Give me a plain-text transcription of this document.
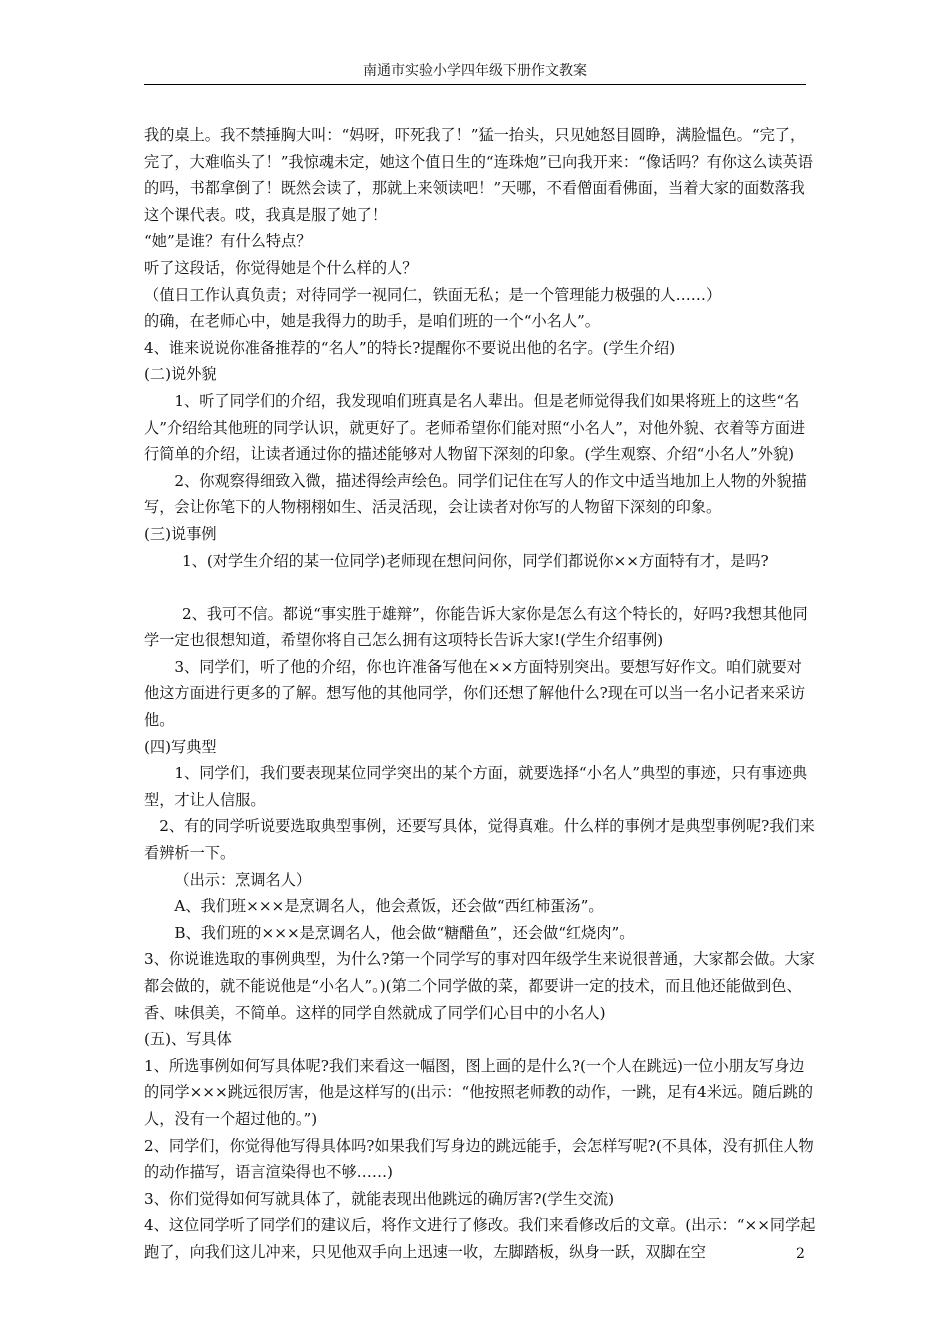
南通市实验小学四年级下册作文教案

我的桌上。我不禁捶胸大叫：“妈呀，吓死我了！”猛一抬头，只见她怒目圆睁，满脸愠色。“完了，完了，大难临头了！”我惊魂未定，她这个值日生的“连珠炮”已向我开来：“像话吗？有你这么读英语的吗，书都拿倒了！既然会读了，那就上来领读吧！”天哪，不看僧面看佛面，当着大家的面数落我这个课代表。哎，我真是服了她了！

“她”是谁？有什么特点？

听了这段话，你觉得她是个什么样的人？

（值日工作认真负责；对待同学一视同仁，铁面无私；是一个管理能力极强的人……）

的确，在老师心中，她是我得力的助手，是咱们班的一个“小名人”。

4、谁来说说你准备推荐的“名人”的特长?提醒你不要说出他的名字。(学生介绍)

(二)说外貌

1、听了同学们的介绍，我发现咱们班真是名人辈出。但是老师觉得我们如果将班上的这些“名人”介绍给其他班的同学认识，就更好了。老师希望你们能对照“小名人”，对他外貌、衣着等方面进行简单的介绍，让读者通过你的描述能够对人物留下深刻的印象。(学生观察、介绍“小名人”外貌)

2、你观察得细致入微，描述得绘声绘色。同学们记住在写人的作文中适当地加上人物的外貌描写，会让你笔下的人物栩栩如生、活灵活现，会让读者对你写的人物留下深刻的印象。

(三)说事例

1、(对学生介绍的某一位同学)老师现在想问问你，同学们都说你××方面特有才，是吗?

2、我可不信。都说“事实胜于雄辩”，你能告诉大家你是怎么有这个特长的，好吗?我想其他同学一定也很想知道，希望你将自己怎么拥有这项特长告诉大家!(学生介绍事例)

3、同学们，听了他的介绍，你也许准备写他在××方面特别突出。要想写好作文。咱们就要对他这方面进行更多的了解。想写他的其他同学，你们还想了解他什么?现在可以当一名小记者来采访他。

(四)写典型

1、同学们，我们要表现某位同学突出的某个方面，就要选择“小名人”典型的事迹，只有事迹典型，才让人信服。

2、有的同学听说要选取典型事例，还要写具体，觉得真难。什么样的事例才是典型事例呢?我们来看辨析一下。

（出示：烹调名人）

A、我们班×××是烹调名人，他会煮饭，还会做“西红柿蛋汤”。

B、我们班的×××是烹调名人，他会做“糖醋鱼”，还会做“红烧肉”。

3、你说谁选取的事例典型，为什么?第一个同学写的事对四年级学生来说很普通，大家都会做。大家都会做的，就不能说他是“小名人”。)(第二个同学做的菜，都要讲一定的技术，而且他还能做到色、香、味俱美，不简单。这样的同学自然就成了同学们心目中的小名人)

(五)、写具体

1、所选事例如何写具体呢?我们来看这一幅图，图上画的是什么?(一个人在跳远)一位小朋友写身边的同学×××跳远很厉害，他是这样写的(出示：“他按照老师教的动作，一跳，足有4米远。随后跳的人，没有一个超过他的。”)

2、同学们，你觉得他写得具体吗?如果我们写身边的跳远能手，会怎样写呢?(不具体，没有抓住人物的动作描写，语言渲染得也不够……)

3、你们觉得如何写就具体了，就能表现出他跳远的确厉害?(学生交流)

4、这位同学听了同学们的建议后，将作文进行了修改。我们来看修改后的文章。(出示：“××同学起跑了，向我们这儿冲来，只见他双手向上迅速一收，左脚踏板，纵身一跃，双脚在空	2
